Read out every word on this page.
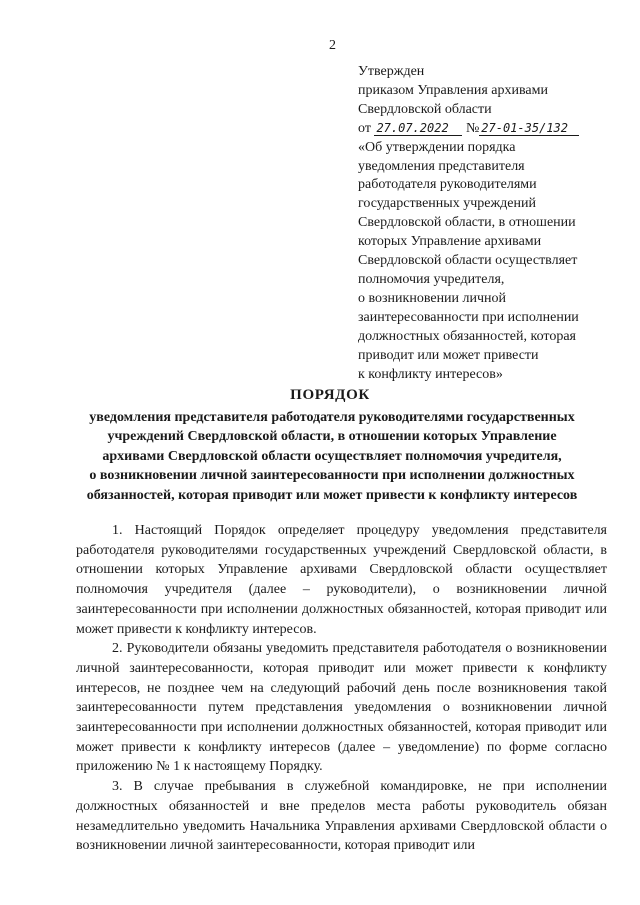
2
Утвержден
приказом Управления архивами
Свердловской области
от 27.07.2022 № 27-01-35/132
«Об утверждении порядка
уведомления представителя
работодателя руководителями
государственных учреждений
Свердловской области, в отношении
которых Управление архивами
Свердловской области осуществляет
полномочия учредителя,
о возникновении личной
заинтересованности при исполнении
должностных обязанностей, которая
приводит или может привести
к конфликту интересов»
ПОРЯДОК
уведомления представителя работодателя руководителями государственных
учреждений Свердловской области, в отношении которых Управление
архивами Свердловской области осуществляет полномочия учредителя,
о возникновении личной заинтересованности при исполнении должностных
обязанностей, которая приводит или может привести к конфликту интересов

1. Настоящий Порядок определяет процедуру уведомления представителя работодателя руководителями государственных учреждений Свердловской области, в отношении которых Управление архивами Свердловской области осуществляет полномочия учредителя (далее – руководители), о возникновении личной заинтересованности при исполнении должностных обязанностей, которая приводит или может привести к конфликту интересов.

2. Руководители обязаны уведомить представителя работодателя о возникновении личной заинтересованности, которая приводит или может привести к конфликту интересов, не позднее чем на следующий рабочий день после возникновения такой заинтересованности путем представления уведомления о возникновении личной заинтересованности при исполнении должностных обязанностей, которая приводит или может привести к конфликту интересов (далее – уведомление) по форме согласно приложению № 1 к настоящему Порядку.

3. В случае пребывания в служебной командировке, не при исполнении должностных обязанностей и вне пределов места работы руководитель обязан незамедлительно уведомить Начальника Управления архивами Свердловской области о возникновении личной заинтересованности, которая приводит или
